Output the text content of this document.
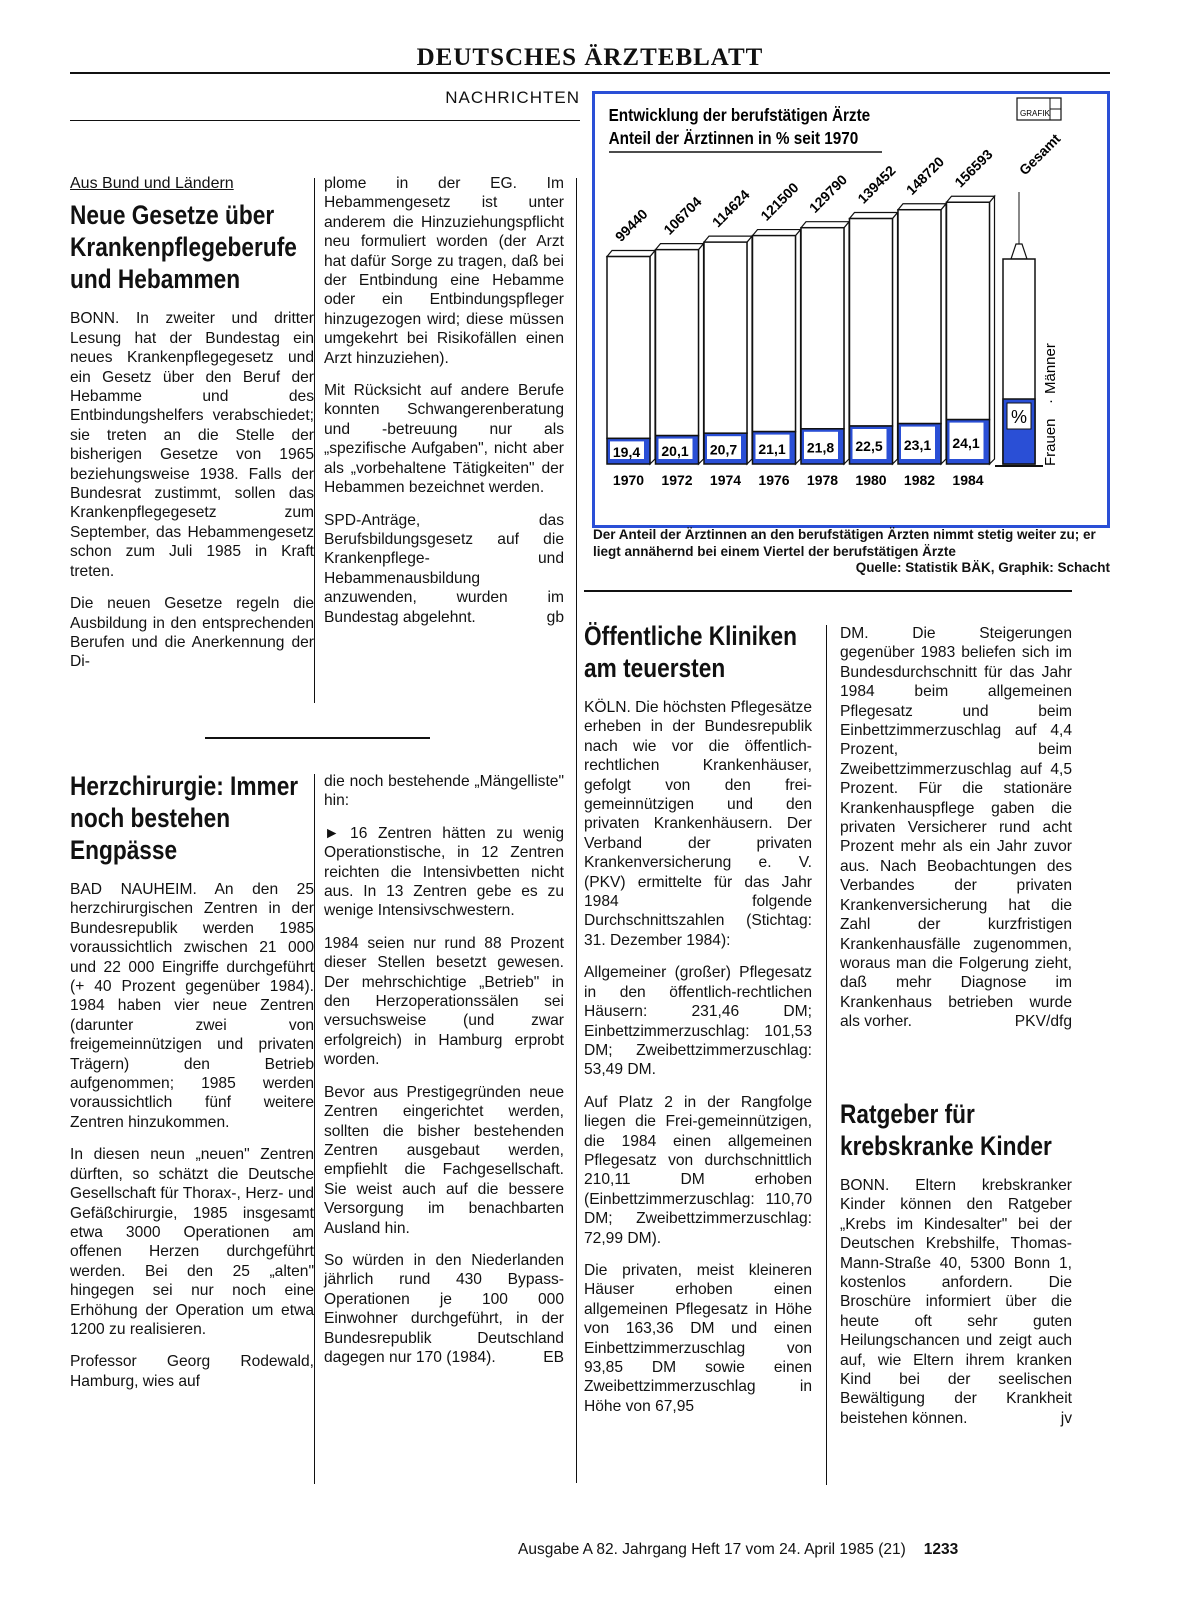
DEUTSCHES ÄRZTEBLATT
NACHRICHTEN
Aus Bund und Ländern
Neue Gesetze über Krankenpflegeberufe und Hebammen

BONN. In zweiter und dritter Lesung hat der Bundestag ein neues Krankenpflegegesetz und ein Gesetz über den Beruf der Hebamme und des Entbindungshelfers verabschiedet; sie treten an die Stelle der bisherigen Gesetze von 1965 beziehungsweise 1938. Falls der Bundesrat zustimmt, sollen das Krankenpflegegesetz zum September, das Hebammengesetz schon zum Juli 1985 in Kraft treten.

Die neuen Gesetze regeln die Ausbildung in den entsprechenden Berufen und die Anerkennung der Di-

plome in der EG. Im Hebammengesetz ist unter anderem die Hinzuziehungspflicht neu formuliert worden (der Arzt hat dafür Sorge zu tragen, daß bei der Entbindung eine Hebamme oder ein Entbindungspfleger hinzugezogen wird; diese müssen umgekehrt bei Risikofällen einen Arzt hinzuziehen).

Mit Rücksicht auf andere Berufe konnten Schwangerenberatung und -betreuung nur als „spezifische Aufgaben", nicht aber als „vorbehaltene Tätigkeiten" der Hebammen bezeichnet werden.

SPD-Anträge, das Berufsbildungsgesetz auf die Krankenpflege- und Hebammenausbildung anzuwenden, wurden im Bundestag abgelehnt.	gb

Herzchirurgie: Immer noch bestehen Engpässe

BAD NAUHEIM. An den 25 herzchirurgischen Zentren in der Bundesrepublik werden 1985 voraussichtlich zwischen 21 000 und 22 000 Eingriffe durchgeführt (+ 40 Prozent gegenüber 1984). 1984 haben vier neue Zentren (darunter zwei von freigemeinnützigen und privaten Trägern) den Betrieb aufgenommen; 1985 werden voraussichtlich fünf weitere Zentren hinzukommen.

In diesen neun „neuen" Zentren dürften, so schätzt die Deutsche Gesellschaft für Thorax-, Herz- und Gefäßchirurgie, 1985 insgesamt etwa 3000 Operationen am offenen Herzen durchgeführt werden. Bei den 25 „alten" hingegen sei nur noch eine Erhöhung der Operation um etwa 1200 zu realisieren.

Professor Georg Rodewald, Hamburg, wies auf

die noch bestehende „Mängelliste" hin:

► 16 Zentren hätten zu wenig Operationstische, in 12 Zentren reichten die Intensivbetten nicht aus. In 13 Zentren gebe es zu wenige Intensivschwestern.

1984 seien nur rund 88 Prozent dieser Stellen besetzt gewesen. Der mehrschichtige „Betrieb" in den Herzoperationssälen sei versuchsweise (und zwar erfolgreich) in Hamburg erprobt worden.

Bevor aus Prestigegründen neue Zentren eingerichtet werden, sollten die bisher bestehenden Zentren ausgebaut werden, empfiehlt die Fachgesellschaft. Sie weist auch auf die bessere Versorgung im benachbarten Ausland hin.

So würden in den Niederlanden jährlich rund 430 Bypass-Operationen je 100 000 Einwohner durchgeführt, in der Bundesrepublik Deutschland dagegen nur 170 (1984).	EB

Entwicklung der berufstätigen Ärzte
Anteil der Ärztinnen in % seit 1970
GRAFIK
19,4
1970
99440
20,1
1972
106704
20,7
1974
114624
21,1
1976
121500
21,8
1978
129790
22,5
1980
139452
23,1
1982
148720
24,1
1984
156593
%
Gesamt
Frauen
·
Männer
Der Anteil der Ärztinnen an den berufstätigen Ärzten nimmt stetig weiter zu; er liegt annähernd bei einem Viertel der berufstätigen Ärzte
Quelle: Statistik BÄK, Graphik: Schacht
Öffentliche Kliniken am teuersten

KÖLN. Die höchsten Pflegesätze erheben in der Bundesrepublik nach wie vor die öffentlich-rechtlichen Krankenhäuser, gefolgt von den frei-gemeinnützigen und den privaten Krankenhäusern. Der Verband der privaten Krankenversicherung e. V. (PKV) ermittelte für das Jahr 1984 folgende Durchschnittszahlen (Stichtag: 31. Dezember 1984):

Allgemeiner (großer) Pflegesatz in den öffentlich-rechtlichen Häusern: 231,46 DM; Einbettzimmerzuschlag: 101,53 DM; Zweibettzimmerzuschlag: 53,49 DM.

Auf Platz 2 in der Rangfolge liegen die Frei-gemeinnützigen, die 1984 einen allgemeinen Pflegesatz von durchschnittlich 210,11 DM erhoben (Einbettzimmerzuschlag: 110,70 DM; Zweibettzimmerzuschlag: 72,99 DM).

Die privaten, meist kleineren Häuser erhoben einen allgemeinen Pflegesatz in Höhe von 163,36 DM und einen Einbettzimmerzuschlag von 93,85 DM sowie einen Zweibettzimmerzuschlag in Höhe von 67,95

DM. Die Steigerungen gegenüber 1983 beliefen sich im Bundesdurchschnitt für das Jahr 1984 beim allgemeinen Pflegesatz und beim Einbettzimmerzuschlag auf 4,4 Prozent, beim Zweibettzimmerzuschlag auf 4,5 Prozent. Für die stationäre Krankenhauspflege gaben die privaten Versicherer rund acht Prozent mehr als ein Jahr zuvor aus. Nach Beobachtungen des Verbandes der privaten Krankenversicherung hat die Zahl der kurzfristigen Krankenhausfälle zugenommen, woraus man die Folgerung zieht, daß mehr Diagnose im Krankenhaus betrieben wurde als vorher.	PKV/dfg

Ratgeber für krebskranke Kinder

BONN. Eltern krebskranker Kinder können den Ratgeber „Krebs im Kindesalter" bei der Deutschen Krebshilfe, Thomas-Mann-Straße 40, 5300 Bonn 1, kostenlos anfordern. Die Broschüre informiert über die heute oft sehr guten Heilungschancen und zeigt auch auf, wie Eltern ihrem kranken Kind bei der seelischen Bewältigung der Krankheit beistehen können.	jv

Ausgabe A 82. Jahrgang Heft 17 vom 24. April 1985 (21) 1233
